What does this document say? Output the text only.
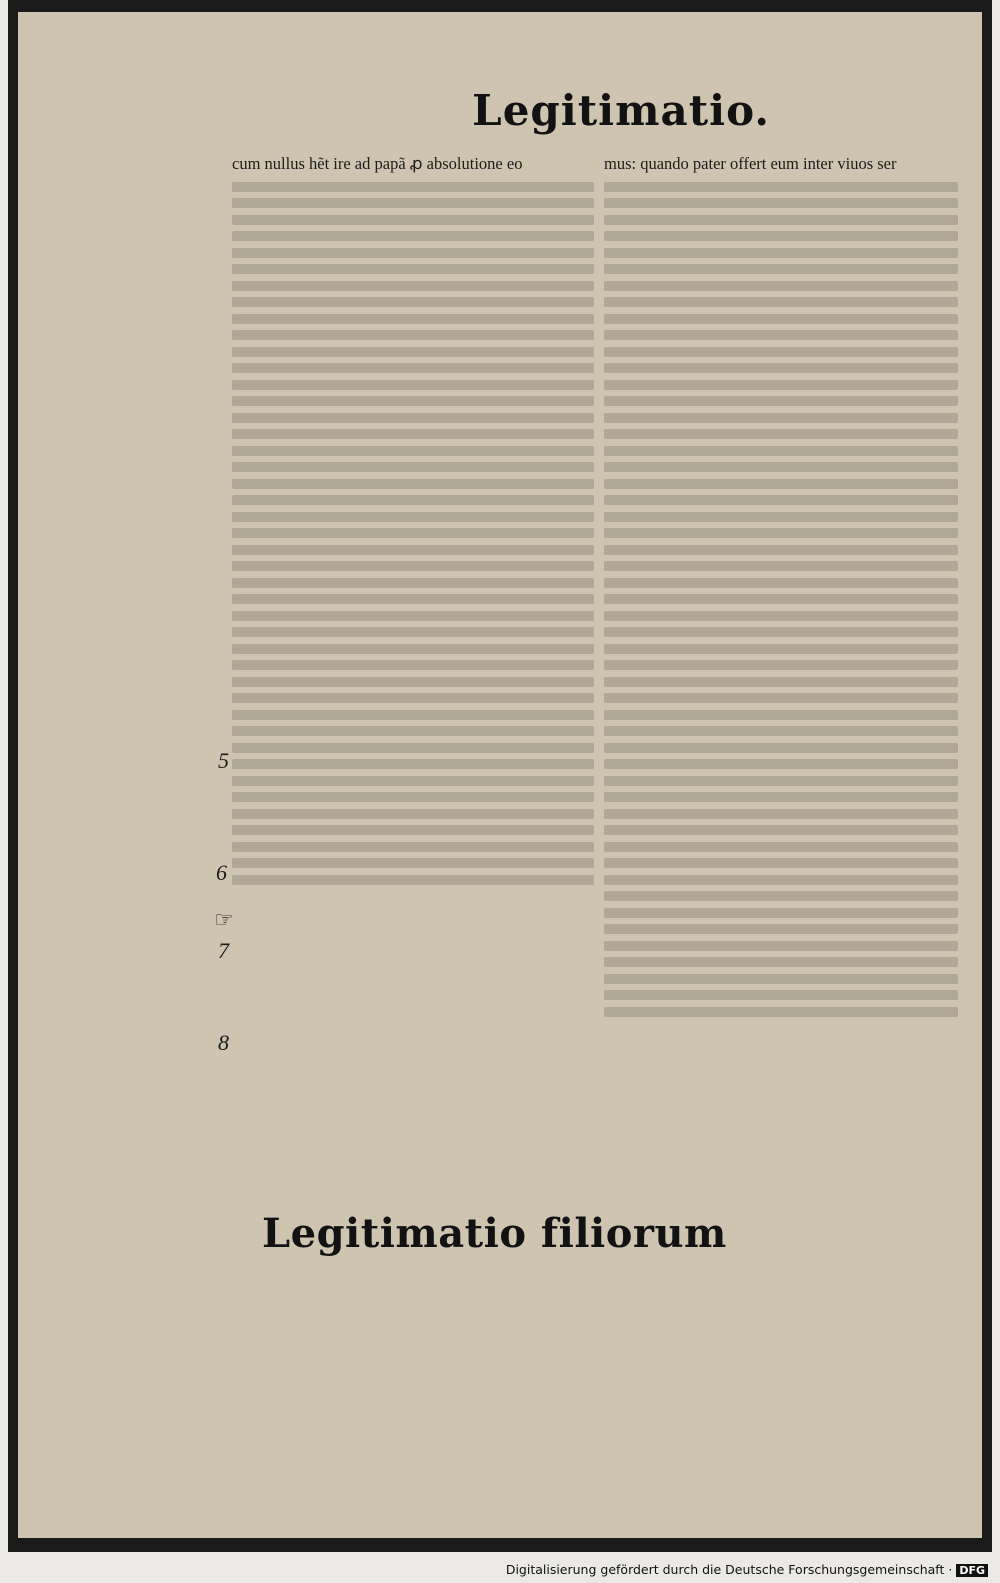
Legitimatio.
cum nullus hẽt ire ad papã ꝓ absolutione eo	mus: quando pater offert eum inter viuos ser
5
6
☞
7
8
Legitimatio filiorum
Digitalisierung gefördert durch die Deutsche Forschungsgemeinschaft · DFG
